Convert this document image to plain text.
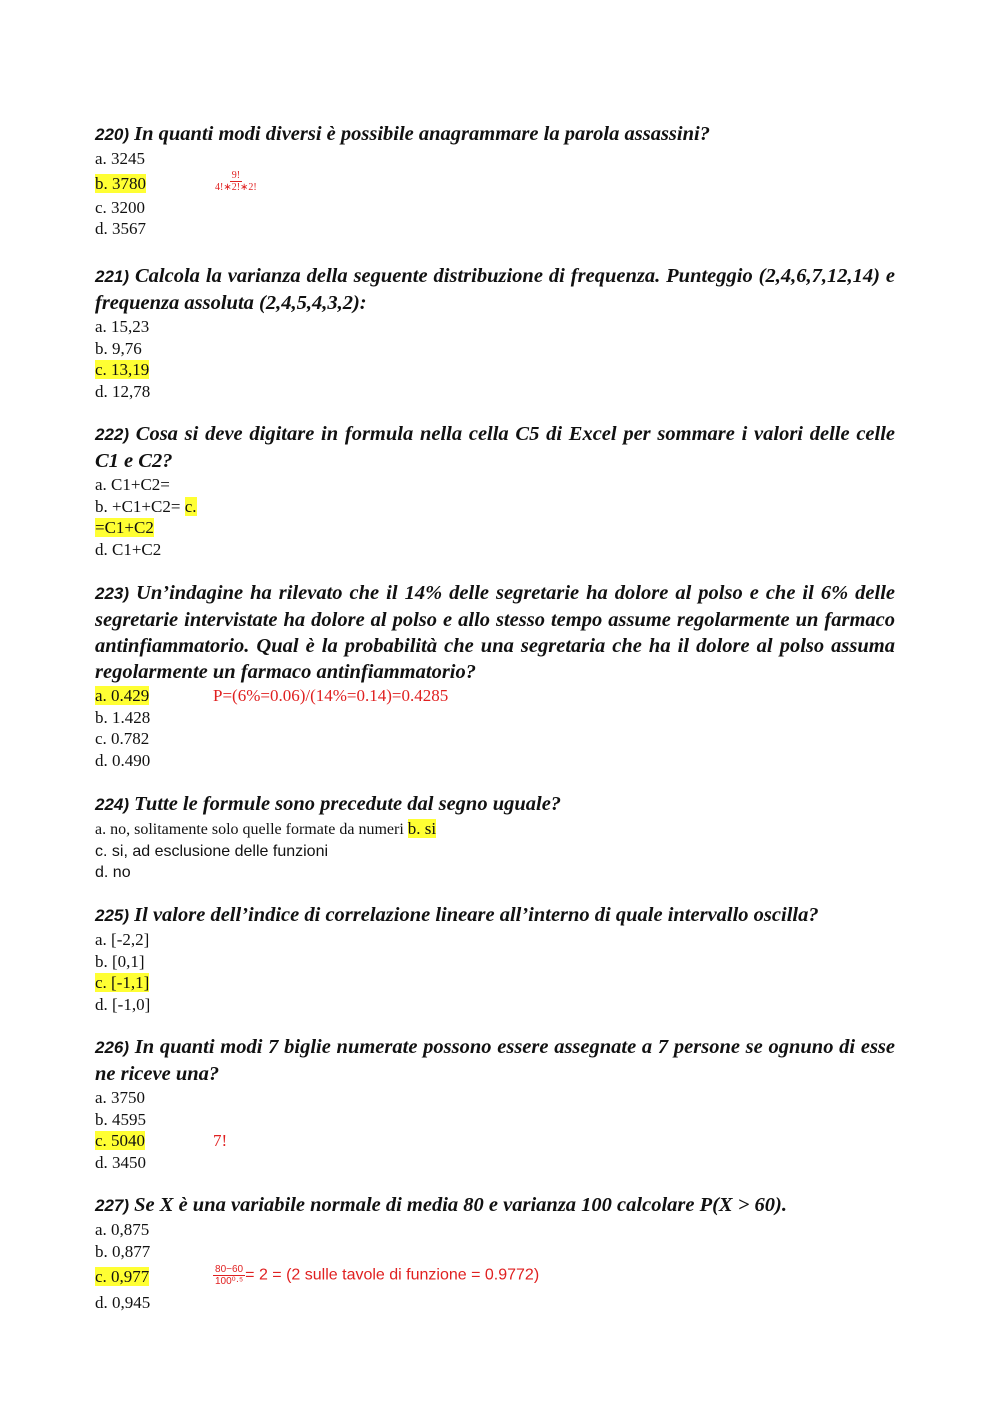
220) In quanti modi diversi è possibile anagrammare la parola assassini?

a. 3245
b. 3780	$\frac{9!}{4!∗2!∗2!}$
c. 3200
d. 3567

221) Calcola la varianza della seguente distribuzione di frequenza. Punteggio (2,4,6,7,12,14) e frequenza assoluta (2,4,5,4,3,2):

a. 15,23
b. 9,76
c. 13,19
d. 12,78

222) Cosa si deve digitare in formula nella cella C5 di Excel per sommare i valori delle celle C1 e C2?

a. C1+C2=
b. +C1+C2= c.
=C1+C2
d. C1+C2

223) Un’indagine ha rilevato che il 14% delle segretarie ha dolore al polso e che il 6% delle segretarie intervistate ha dolore al polso e allo stesso tempo assume regolarmente un farmaco antinfiammatorio. Qual è la probabilità che una segretaria che ha il dolore al polso assuma regolarmente un farmaco antinfiammatorio?

a. 0.429	P=(6%=0.06)/(14%=0.14)=0.4285
b. 1.428
c. 0.782
d. 0.490

224) Tutte le formule sono precedute dal segno uguale?

a. no, solitamente solo quelle formate da numeri b. si
c. si, ad esclusione delle funzioni
d. no

225) Il valore dell’indice di correlazione lineare all’interno di quale intervallo oscilla?

a. [-2,2]
b. [0,1]
c. [-1,1]
d. [-1,0]

226) In quanti modi 7 biglie numerate possono essere assegnate a 7 persone se ognuno di esse ne riceve una?

a. 3750
b. 4595
c. 5040	7!
d. 3450

227) Se X è una variabile normale di media 80 e varianza 100 calcolare P(X > 60).

a. 0,875
b. 0,877
c. 0,977	$\frac{80-60}{\text{100⁰·⁵}} = 2 = (2$ sulle tavole di funzione = 0.9772)
d. 0,945
